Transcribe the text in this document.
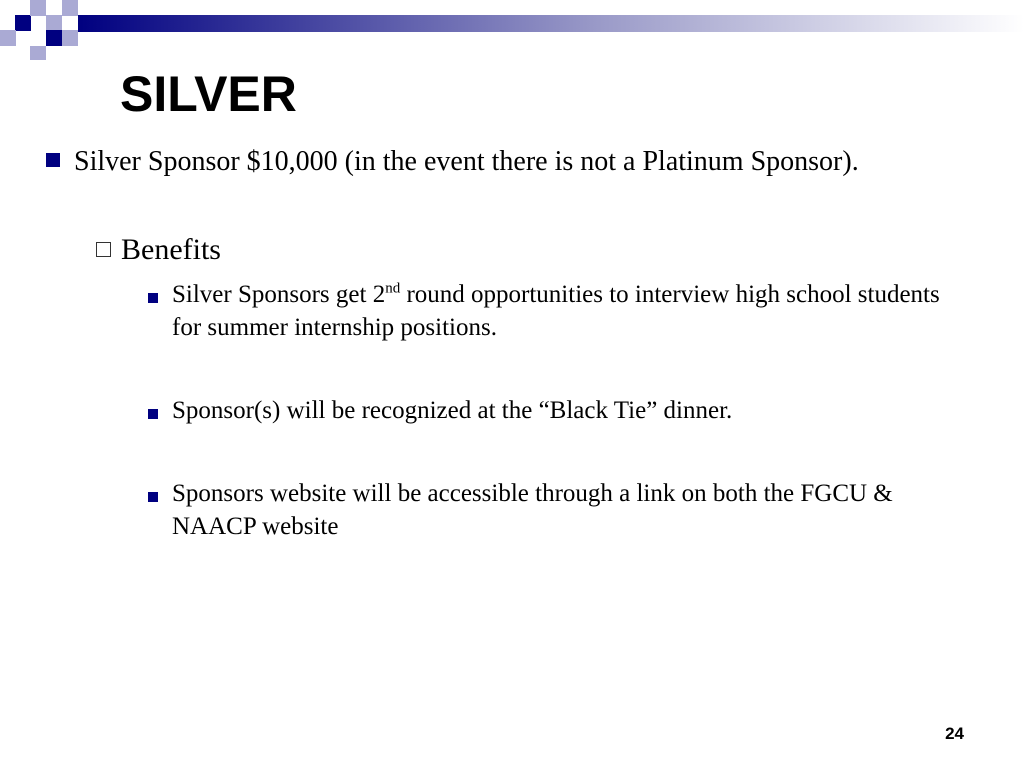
SILVER

Silver Sponsor $10,000 (in the event there is not a Platinum Sponsor).

Benefits

Silver Sponsors get 2nd round opportunities to interview high school students for summer internship positions.
Sponsor(s) will be recognized at the “Black Tie” dinner.
Sponsors website will be accessible through a link on both the FGCU & NAACP website
24
